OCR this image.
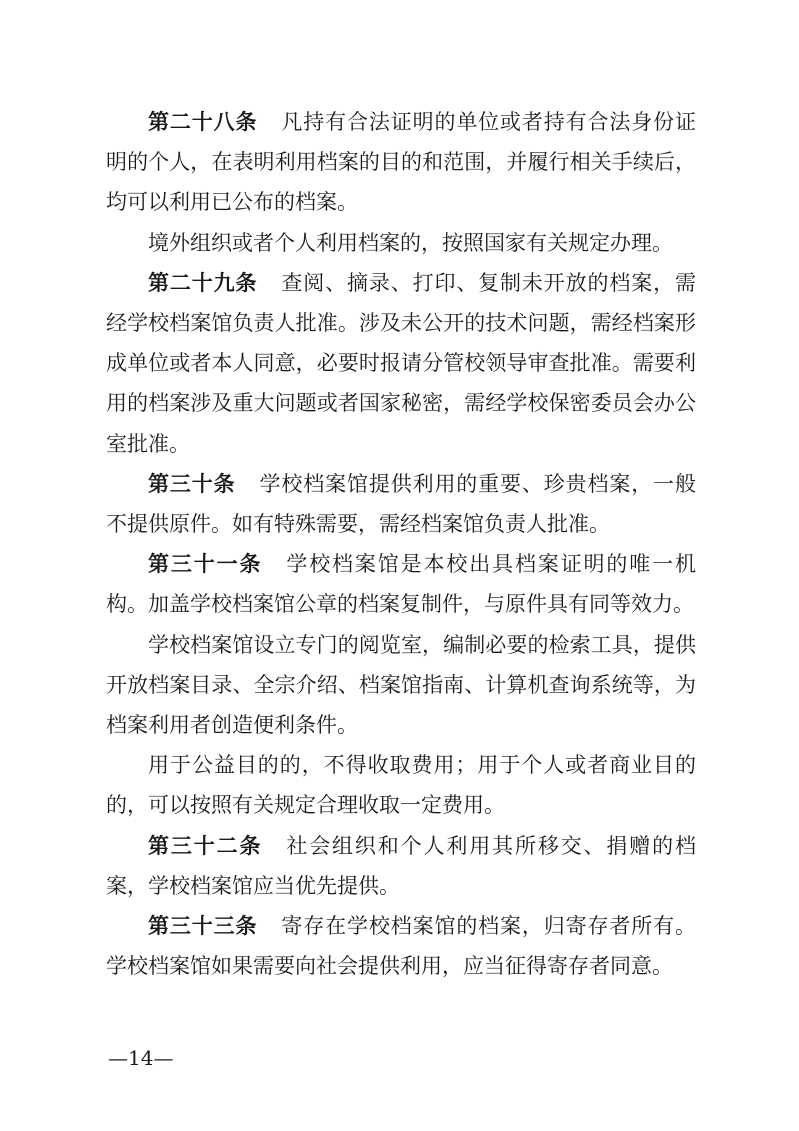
第二十八条 凡持有合法证明的单位或者持有合法身份证明的个人，在表明利用档案的目的和范围，并履行相关手续后，均可以利用已公布的档案。

境外组织或者个人利用档案的，按照国家有关规定办理。

第二十九条 查阅、摘录、打印、复制未开放的档案，需经学校档案馆负责人批准。涉及未公开的技术问题，需经档案形成单位或者本人同意，必要时报请分管校领导审查批准。需要利用的档案涉及重大问题或者国家秘密，需经学校保密委员会办公室批准。

第三十条 学校档案馆提供利用的重要、珍贵档案，一般不提供原件。如有特殊需要，需经档案馆负责人批准。

第三十一条 学校档案馆是本校出具档案证明的唯一机构。加盖学校档案馆公章的档案复制件，与原件具有同等效力。

学校档案馆设立专门的阅览室，编制必要的检索工具，提供开放档案目录、全宗介绍、档案馆指南、计算机查询系统等，为档案利用者创造便利条件。

用于公益目的的，不得收取费用；用于个人或者商业目的的，可以按照有关规定合理收取一定费用。

第三十二条 社会组织和个人利用其所移交、捐赠的档案，学校档案馆应当优先提供。

第三十三条 寄存在学校档案馆的档案，归寄存者所有。学校档案馆如果需要向社会提供利用，应当征得寄存者同意。

—14—
